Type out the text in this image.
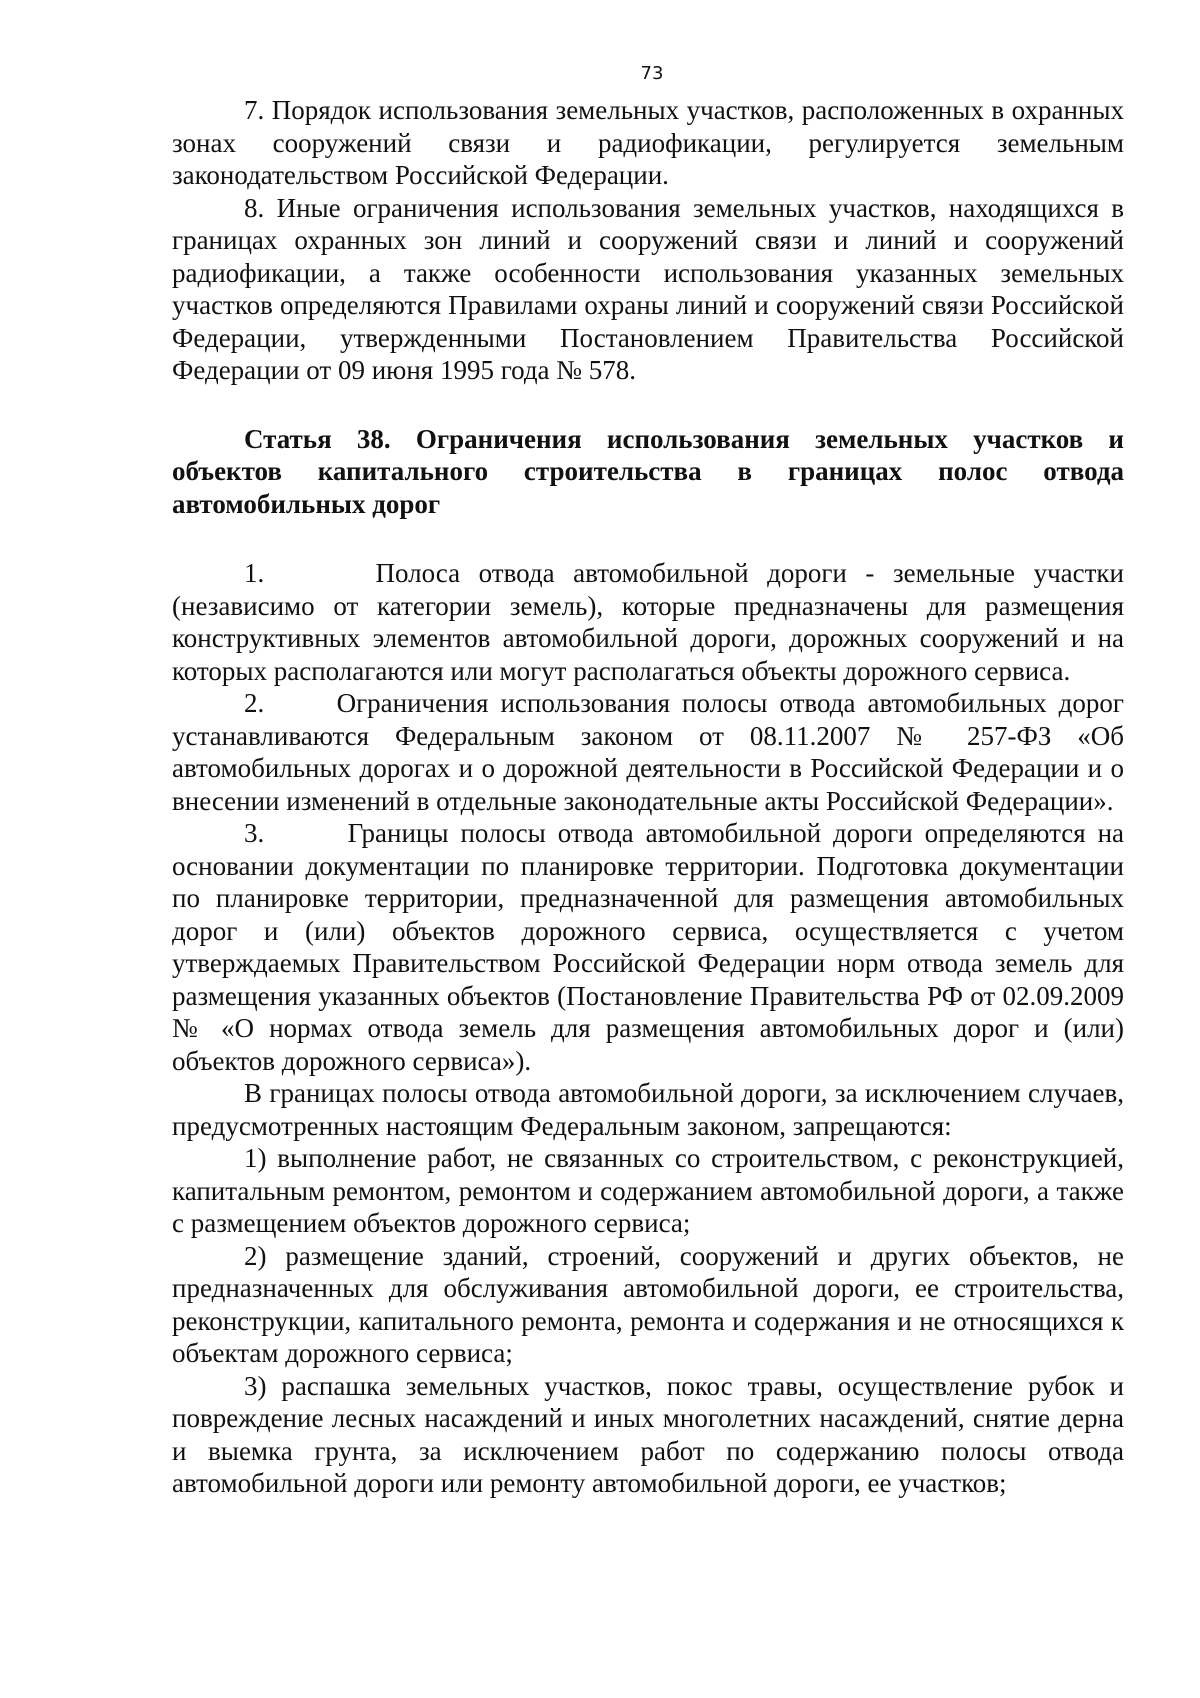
73

7. Порядок использования земельных участков, расположенных в охранных зонах сооружений связи и радиофикации, регулируется земельным законодательством Российской Федерации.

8. Иные ограничения использования земельных участков, находящихся в границах охранных зон линий и сооружений связи и линий и сооружений радиофикации, а также особенности использования указанных земельных участков определяются Правилами охраны линий и сооружений связи Российской Федерации, утвержденными Постановлением Правительства Российской Федерации от 09 июня 1995 года № 578.

Статья 38. Ограничения использования земельных участков и объектов капитального строительства в границах полос отвода автомобильных дорог

1.      Полоса отвода автомобильной дороги - земельные участки (независимо от категории земель), которые предназначены для размещения конструктивных элементов автомобильной дороги, дорожных сооружений и на которых располагаются или могут располагаться объекты дорожного сервиса.

2.      Ограничения использования полосы отвода автомобильных дорог устанавливаются Федеральным законом от 08.11.2007 № 257-ФЗ «Об автомобильных дорогах и о дорожной деятельности в Российской Федерации и о внесении изменений в отдельные законодательные акты Российской Федерации».

3.       Границы полосы отвода автомобильной дороги определяются на основании документации по планировке территории. Подготовка документации по планировке территории, предназначенной для размещения автомобильных дорог и (или) объектов дорожного сервиса, осуществляется с учетом утверждаемых Правительством Российской Федерации норм отвода земель для размещения указанных объектов (Постановление Правительства РФ от 02.09.2009 № «О нормах отвода земель для размещения автомобильных дорог и (или) объектов дорожного сервиса»).

В границах полосы отвода автомобильной дороги, за исключением случаев, предусмотренных настоящим Федеральным законом, запрещаются:

1) выполнение работ, не связанных со строительством, с реконструкцией, капитальным ремонтом, ремонтом и содержанием автомобильной дороги, а также с размещением объектов дорожного сервиса;

2) размещение зданий, строений, сооружений и других объектов, не предназначенных для обслуживания автомобильной дороги, ее строительства, реконструкции, капитального ремонта, ремонта и содержания и не относящихся к объектам дорожного сервиса;

3) распашка земельных участков, покос травы, осуществление рубок и повреждение лесных насаждений и иных многолетних насаждений, снятие дерна и выемка грунта, за исключением работ по содержанию полосы отвода автомобильной дороги или ремонту автомобильной дороги, ее участков;
